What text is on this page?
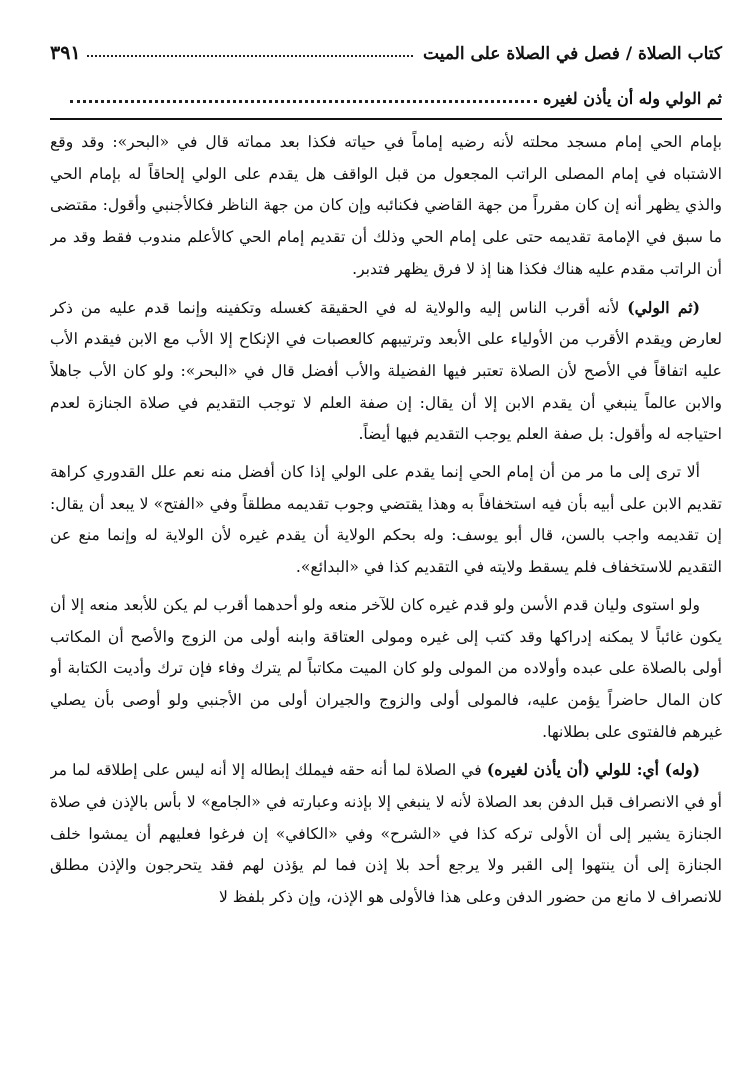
كتاب الصلاة / فصل في الصلاة على الميت
٣٩١
ثم الولي وله أن يأذن لغيره

بإمام الحي إمام مسجد محلته لأنه رضيه إماماً في حياته فكذا بعد مماته قال في «البحر»: وقد وقع الاشتباه في إمام المصلى الراتب المجعول من قبل الواقف هل يقدم على الولي إلحاقاً له بإمام الحي والذي يظهر أنه إن كان مقرراً من جهة القاضي فكنائبه وإن كان من جهة الناظر فكالأجنبي وأقول: مقتضى ما سبق في الإمامة تقديمه حتى على إمام الحي وذلك أن تقديم إمام الحي كالأعلم مندوب فقط وقد مر أن الراتب مقدم عليه هناك فكذا هنا إذ لا فرق يظهر فتدبر.

(ثم الولي) لأنه أقرب الناس إليه والولاية له في الحقيقة كغسله وتكفينه وإنما قدم عليه من ذكر لعارض ويقدم الأقرب من الأولياء على الأبعد وترتيبهم كالعصبات في الإنكاح إلا الأب مع الابن فيقدم الأب عليه اتفاقاً في الأصح لأن الصلاة تعتبر فيها الفضيلة والأب أفضل قال في «البحر»: ولو كان الأب جاهلاً والابن عالماً ينبغي أن يقدم الابن إلا أن يقال: إن صفة العلم لا توجب التقديم في صلاة الجنازة لعدم احتياجه له وأقول: بل صفة العلم يوجب التقديم فيها أيضاً.

ألا ترى إلى ما مر من أن إمام الحي إنما يقدم على الولي إذا كان أفضل منه نعم علل القدوري كراهة تقديم الابن على أبيه بأن فيه استخفافاً به وهذا يقتضي وجوب تقديمه مطلقاً وفي «الفتح» لا يبعد أن يقال: إن تقديمه واجب بالسن، قال أبو يوسف: وله بحكم الولاية أن يقدم غيره لأن الولاية له وإنما منع عن التقديم للاستخفاف فلم يسقط ولايته في التقديم كذا في «البدائع».

ولو استوى وليان قدم الأسن ولو قدم غيره كان للآخر منعه ولو أحدهما أقرب لم يكن للأبعد منعه إلا أن يكون غائباً لا يمكنه إدراكها وقد كتب إلى غيره ومولى العتاقة وابنه أولى من الزوج والأصح أن المكاتب أولى بالصلاة على عبده وأولاده من المولى ولو كان الميت مكاتباً لم يترك وفاء فإن ترك وأديت الكتابة أو كان المال حاضراً يؤمن عليه، فالمولى أولى والزوج والجيران أولى من الأجنبي ولو أوصى بأن يصلي غيرهم فالفتوى على بطلانها.

(وله) أي: للولي (أن يأذن لغيره) في الصلاة لما أنه حقه فيملك إبطاله إلا أنه ليس على إطلاقه لما مر أو في الانصراف قبل الدفن بعد الصلاة لأنه لا ينبغي إلا بإذنه وعبارته في «الجامع» لا بأس بالإذن في صلاة الجنازة يشير إلى أن الأولى تركه كذا في «الشرح» وفي «الكافي» إن فرغوا فعليهم أن يمشوا خلف الجنازة إلى أن ينتهوا إلى القبر ولا يرجع أحد بلا إذن فما لم يؤذن لهم فقد يتحرجون والإذن مطلق للانصراف لا مانع من حضور الدفن وعلى هذا فالأولى هو الإذن، وإن ذكر بلفظ لا
